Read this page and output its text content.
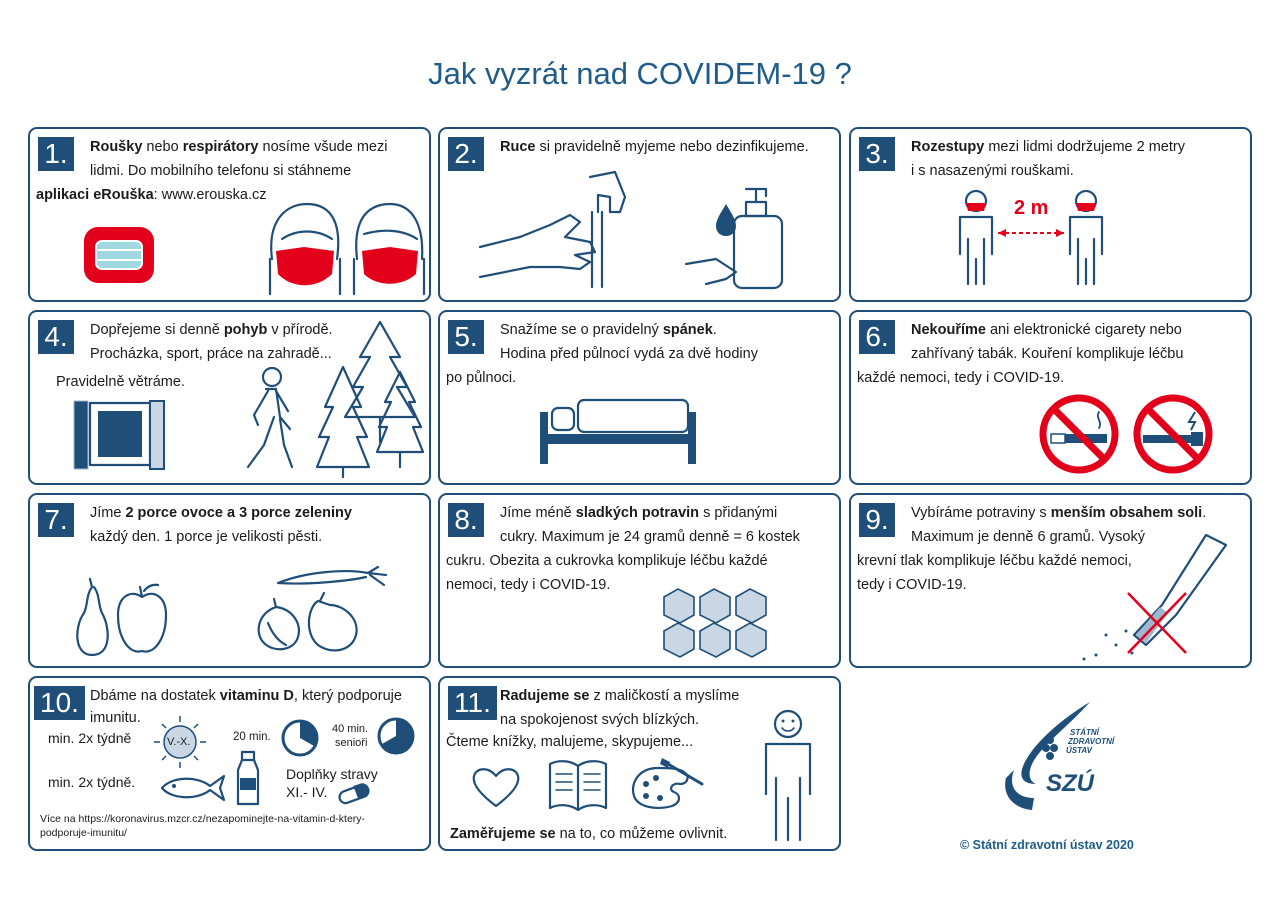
Jak vyzrát nad COVIDEM-19 ?
1.	Roušky nebo respirátory nosíme všude mezi
lidmi. Do mobilního telefonu si stáhneme
aplikaci eRouška: www.erouska.cz
2.	Ruce si pravidelně myjeme nebo dezinfikujeme. 3.	Rozestupy mezi lidmi dodržujeme 2 metry
i s nasazenými rouškami.
2 m
4.	Dopřejeme si denně pohyb v přírodě.
Procházka, sport, práce na zahradě...
Pravidelně větráme.
5.	Snažíme se o pravidelný spánek.
Hodina před půlnocí vydá za dvě hodiny
po půlnoci.
6.	Nekouříme ani elektronické cigarety nebo
zahřívaný tabák. Kouření komplikuje léčbu
každé nemoci, tedy i COVID-19.
7.	Jíme 2 porce ovoce a 3 porce zeleniny
každý den. 1 porce je velikosti pěsti.
8.	Jíme méně sladkých potravin s přidanými
cukry. Maximum je 24 gramů denně = 6 kostek
cukru. Obezita a cukrovka komplikuje léčbu každé
nemoci, tedy i COVID-19.
9.	Vybíráme potraviny s menším obsahem soli.
Maximum je denně 6 gramů. Vysoký
krevní tlak komplikuje léčbu každé nemoci,
tedy i COVID-19.
10. Dbáme na dostatek vitaminu D, který podporuje
imunitu.
min. 2x týdně	V.-X.	20 min.
40 min.
senioři
min. 2x týdně.	Doplňky stravy
XI.- IV.
Více na https://koronavirus.mzcr.cz/nezapominejte-na-vitamin-d-ktery-
podporuje-imunitu/
11. Radujeme se z maličkostí a myslíme
na spokojenost svých blízkých.
Čteme knížky, malujeme, skypujeme...
Zaměřujeme se na to, co můžeme ovlivnit.
STÁTNÍ
ZDRAVOTNÍ
ÚSTAV
SZÚ
© Státní zdravotní ústav 2020
